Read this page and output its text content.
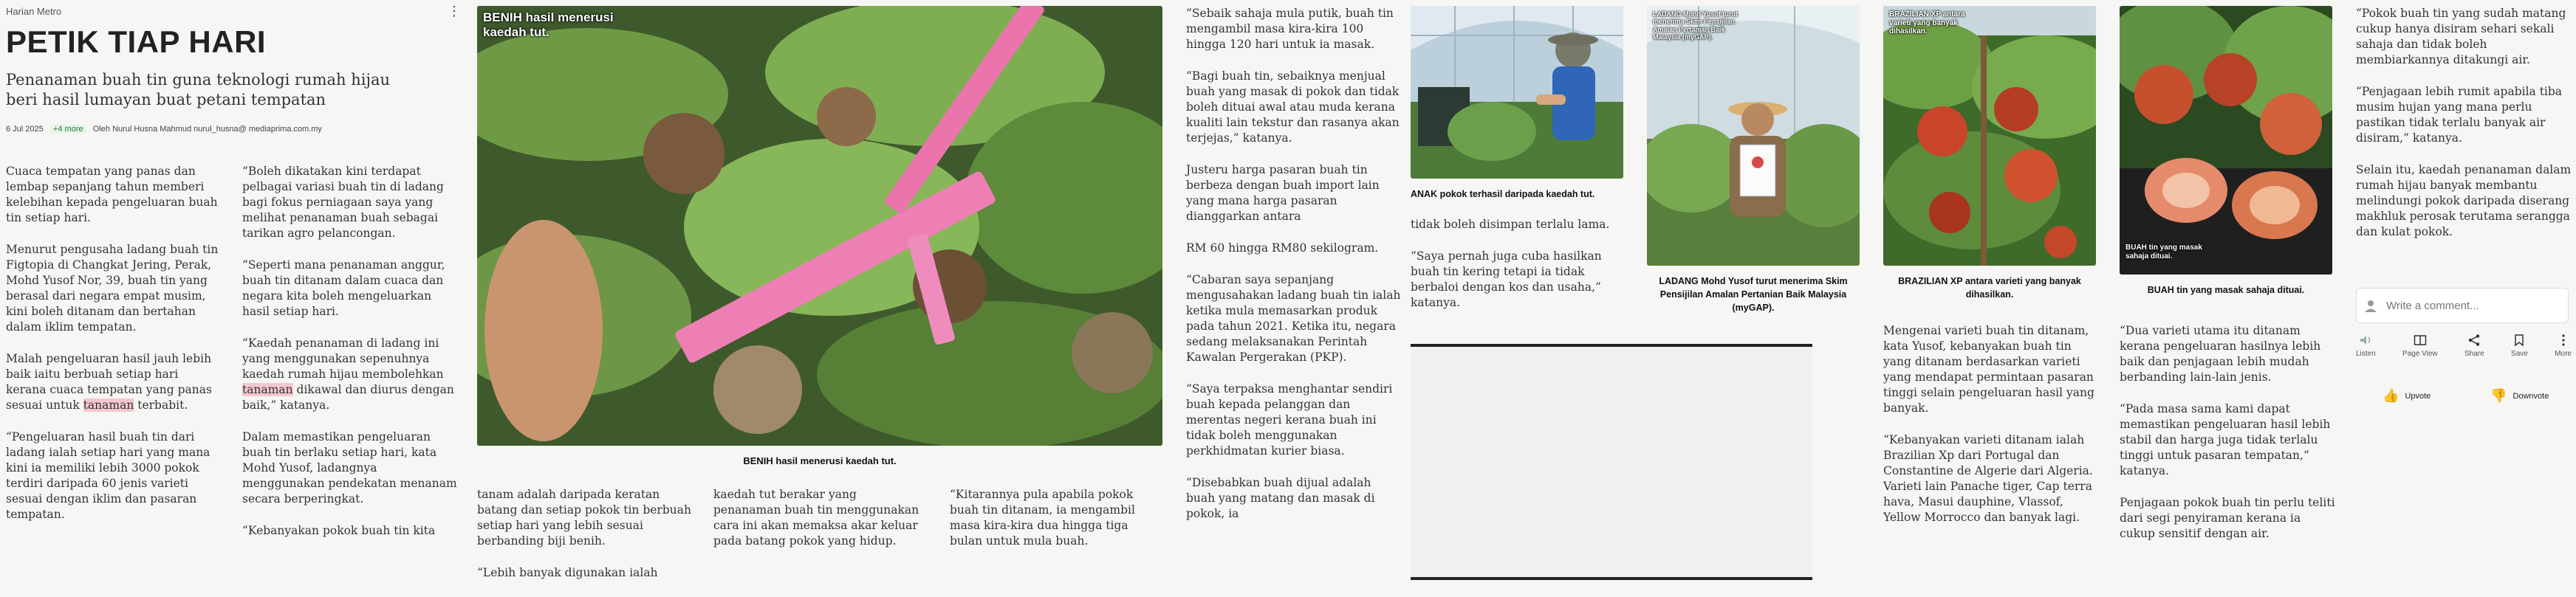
Harian Metro	⋮
PETIK TIAP HARI
Penanaman buah tin guna teknologi rumah hijau beri hasil lumayan buat petani tempatan
6 Jul 2025 +4 more Oleh Nurul Husna Mahmud nurul_husna@ mediaprima.com.my

Cuaca tempatan yang panas dan lembap sepanjang tahun memberi kelebihan kepada pengeluaran buah tin setiap hari.

Menurut pengusaha ladang buah tin Figtopia di Changkat Jering, Perak, Mohd Yusof Nor, 39, buah tin yang berasal dari negara empat musim, kini boleh ditanam dan bertahan dalam iklim tempatan.

Malah pengeluaran hasil jauh lebih baik iaitu berbuah setiap hari kerana cuaca tempatan yang panas sesuai untuk tanaman terbabit.

“Pengeluaran hasil buah tin dari ladang ialah setiap hari yang mana kini ia memiliki lebih 3000 pokok terdiri daripada 60 jenis varieti sesuai dengan iklim dan pasaran tempatan.

“Boleh dikatakan kini terdapat pelbagai variasi buah tin di ladang bagi fokus perniagaan saya yang melihat penanaman buah sebagai tarikan agro pelancongan.

“Seperti mana penanaman anggur, buah tin ditanam dalam cuaca dan negara kita boleh mengeluarkan hasil setiap hari.

“Kaedah penanaman di ladang ini yang menggunakan sepenuhnya kaedah rumah hijau membolehkan tanaman dikawal dan diurus dengan baik,” katanya.

Dalam memastikan pengeluaran buah tin berlaku setiap hari, kata Mohd Yusof, ladangnya menggunakan pendekatan menanam secara berperingkat.

“Kebanyakan pokok buah tin kita

BENIH hasil menerusi kaedah tut.
BENIH hasil menerusi kaedah tut.

tanam adalah daripada keratan batang dan setiap pokok tin berbuah setiap hari yang lebih sesuai berbanding biji benih.

“Lebih banyak digunakan ialah

kaedah tut berakar yang penanaman buah tin menggunakan cara ini akan memaksa akar keluar pada batang pokok yang hidup.

“Kitarannya pula apabila pokok buah tin ditanam, ia mengambil masa kira-kira dua hingga tiga bulan untuk mula buah.

“Sebaik sahaja mula putik, buah tin mengambil masa kira-kira 100 hingga 120 hari untuk ia masak.

“Bagi buah tin, sebaiknya menjual buah yang masak di pokok dan tidak boleh dituai awal atau muda kerana kualiti lain tekstur dan rasanya akan terjejas,” katanya.

Justeru harga pasaran buah tin berbeza dengan buah import lain yang mana harga pasaran dianggarkan antara

RM 60 hingga RM80 sekilogram.

“Cabaran saya sepanjang mengusahakan ladang buah tin ialah ketika mula memasarkan produk pada tahun 2021. Ketika itu, negara sedang melaksanakan Perintah Kawalan Pergerakan (PKP).

“Saya terpaksa menghantar sendiri buah kepada pelanggan dan merentas negeri kerana buah ini tidak boleh menggunakan perkhidmatan kurier biasa.

“Disebabkan buah dijual adalah buah yang matang dan masak di pokok, ia

ANAK pokok terhasil daripada kaedah tut.

tidak boleh disimpan terlalu lama.

“Saya pernah juga cuba hasilkan buah tin kering tetapi ia tidak berbaloi dengan kos dan usaha,” katanya.

LADANG Mohd Yusof turut menerima Skim Pensijilan Amalan Pertanian Baik Malaysia (myGAP).
LADANG Mohd Yusof turut menerima Skim Pensijilan Amalan Pertanian Baik Malaysia (myGAP).
BRAZILIAN XP antara varieti yang banyak dihasilkan.
BRAZILIAN XP antara varieti yang banyak dihasilkan.

Mengenai varieti buah tin ditanam, kata Yusof, kebanyakan buah tin yang ditanam berdasarkan varieti yang mendapat permintaan pasaran tinggi selain pengeluaran hasil yang banyak.

“Kebanyakan varieti ditanam ialah Brazilian Xp dari Portugal dan Constantine de Algerie dari Algeria. Varieti lain Panache tiger, Cap terra hava, Masui dauphine, Vlassof, Yellow Morrocco dan banyak lagi.

BUAH tin yang masak sahaja dituai.
BUAH tin yang masak sahaja dituai.

“Dua varieti utama itu ditanam kerana pengeluaran hasilnya lebih baik dan penjagaan lebih mudah berbanding lain-lain jenis.

“Pada masa sama kami dapat memastikan pengeluaran hasil lebih stabil dan harga juga tidak terlalu tinggi untuk pasaran tempatan,” katanya.

Penjagaan pokok buah tin perlu teliti dari segi penyiraman kerana ia cukup sensitif dengan air.

“Pokok buah tin yang sudah matang cukup hanya disiram sehari sekali sahaja dan tidak boleh membiarkannya ditakungi air.

“Penjagaan lebih rumit apabila tiba musim hujan yang mana perlu pastikan tidak terlalu banyak air disiram,” katanya.

Selain itu, kaedah penanaman dalam rumah hijau banyak membantu melindungi pokok daripada diserang makhluk perosak terutama serangga dan kulat pokok.

Write a comment...
Listen	Page View	Share	Save	More
👍 Upvote	👎 Downvote
